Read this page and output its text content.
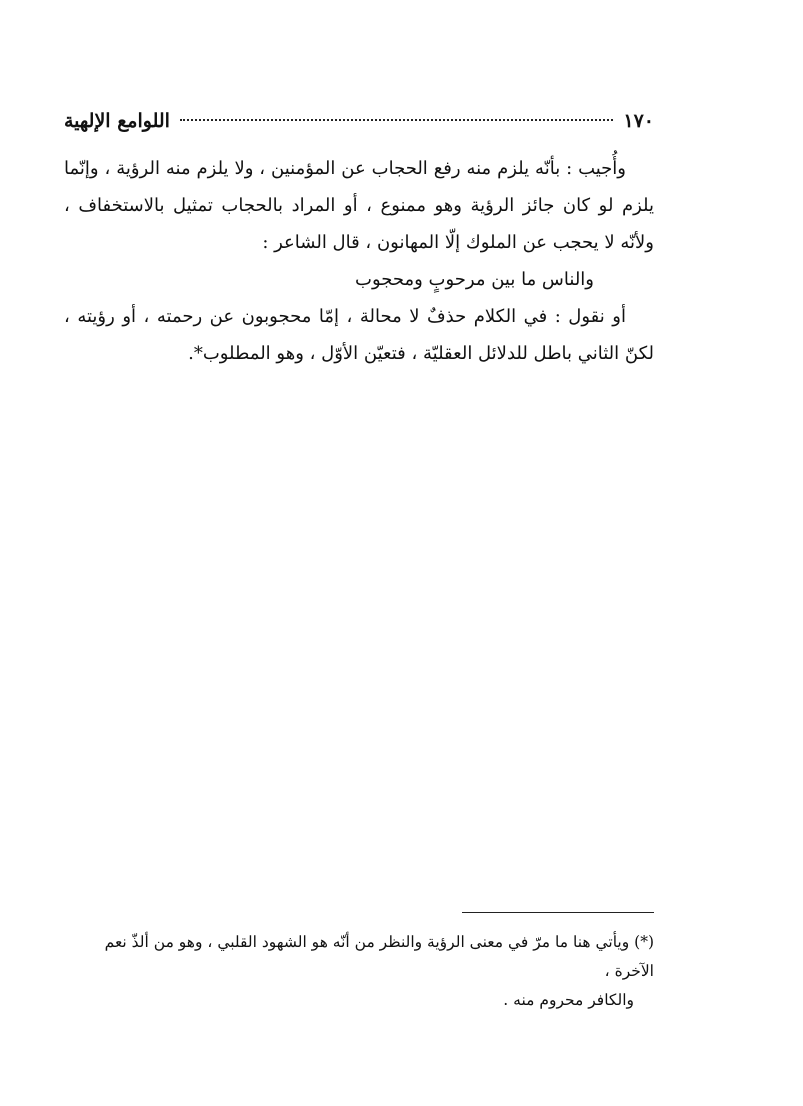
١٧٠
اللوامع الإلهية

وأُجيب : بأنّه يلزم منه رفع الحجاب عن المؤمنين ، ولا يلزم منه الرؤية ، وإنّما يلزم لو كان جائز الرؤية وهو ممنوع ، أو المراد بالحجاب تمثيل بالاستخفاف ، ولأنّه لا يحجب عن الملوك إلّا المهانون ، قال الشاعر :

والناس ما بين مرحوبٍ ومحجوب

أو نقول : في الكلام حذفٌ لا محالة ، إمّا محجوبون عن رحمته ، أو رؤيته ، لكنّ الثاني باطل للدلائل العقليّة ، فتعيّن الأوّل ، وهو المطلوب*.

(*) ويأتي هنا ما مرّ في معنى الرؤية والنظر من أنّه هو الشهود القلبي ، وهو من ألذّ نعم الآخرة ،

والكافر محروم منه .
